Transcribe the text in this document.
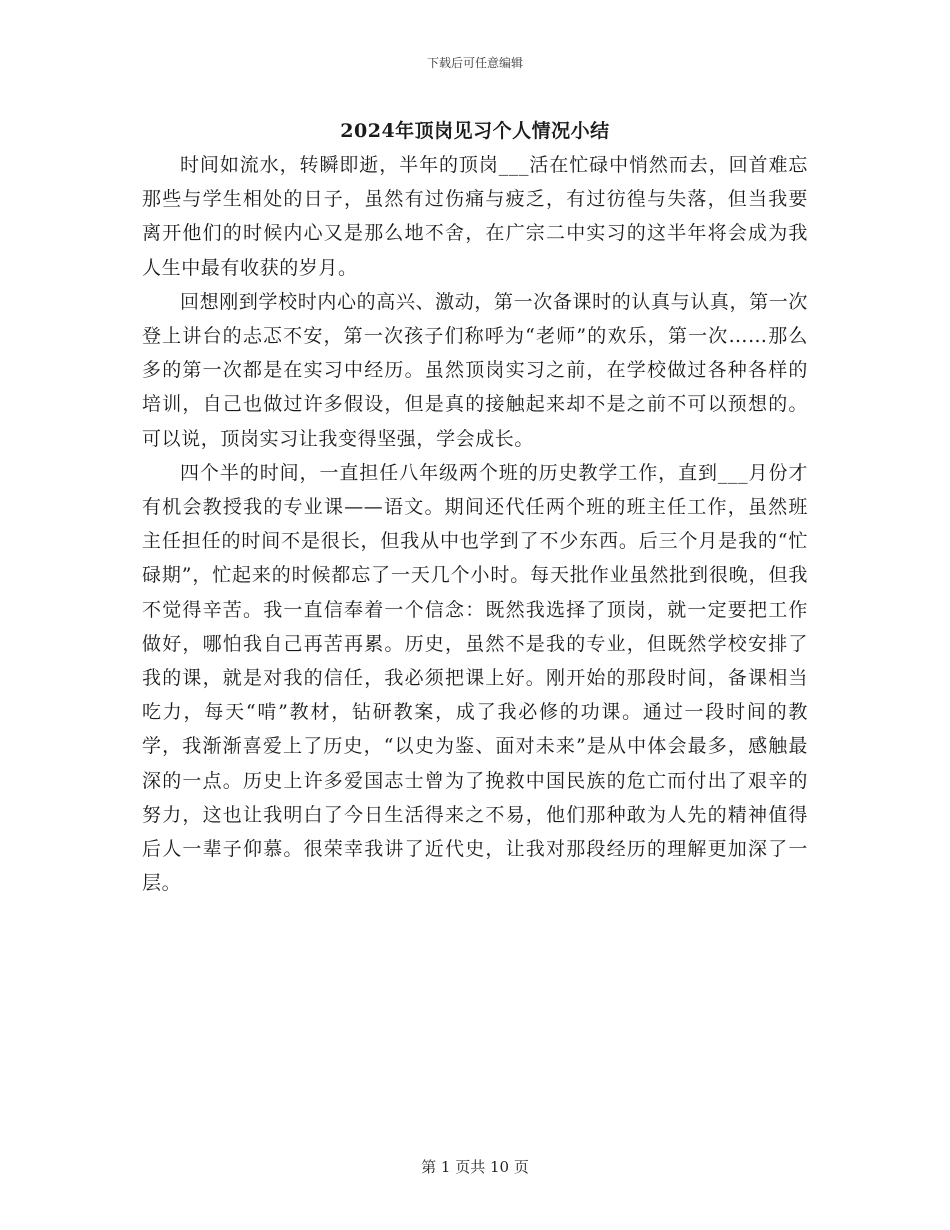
下载后可任意编辑
2024年顶岗见习个人情况小结

时间如流水，转瞬即逝，半年的顶岗___活在忙碌中悄然而去，回首难忘那些与学生相处的日子，虽然有过伤痛与疲乏，有过彷徨与失落，但当我要离开他们的时候内心又是那么地不舍，在广宗二中实习的这半年将会成为我人生中最有收获的岁月。

回想刚到学校时内心的高兴、激动，第一次备课时的认真与认真，第一次登上讲台的忐忑不安，第一次孩子们称呼为“老师”的欢乐，第一次……那么多的第一次都是在实习中经历。虽然顶岗实习之前，在学校做过各种各样的培训，自己也做过许多假设，但是真的接触起来却不是之前不可以预想的。可以说，顶岗实习让我变得坚强，学会成长。

四个半的时间，一直担任八年级两个班的历史教学工作，直到___月份才有机会教授我的专业课——语文。期间还代任两个班的班主任工作，虽然班主任担任的时间不是很长，但我从中也学到了不少东西。后三个月是我的“忙碌期”，忙起来的时候都忘了一天几个小时。每天批作业虽然批到很晚，但我不觉得辛苦。我一直信奉着一个信念：既然我选择了顶岗，就一定要把工作做好，哪怕我自己再苦再累。历史，虽然不是我的专业，但既然学校安排了我的课，就是对我的信任，我必须把课上好。刚开始的那段时间，备课相当吃力，每天“啃”教材，钻研教案，成了我必修的功课。通过一段时间的教学，我渐渐喜爱上了历史，“以史为鉴、面对未来”是从中体会最多，感触最深的一点。历史上许多爱国志士曾为了挽救中国民族的危亡而付出了艰辛的努力，这也让我明白了今日生活得来之不易，他们那种敢为人先的精神值得后人一辈子仰慕。很荣幸我讲了近代史，让我对那段经历的理解更加深了一层。

第 1 页共 10 页
